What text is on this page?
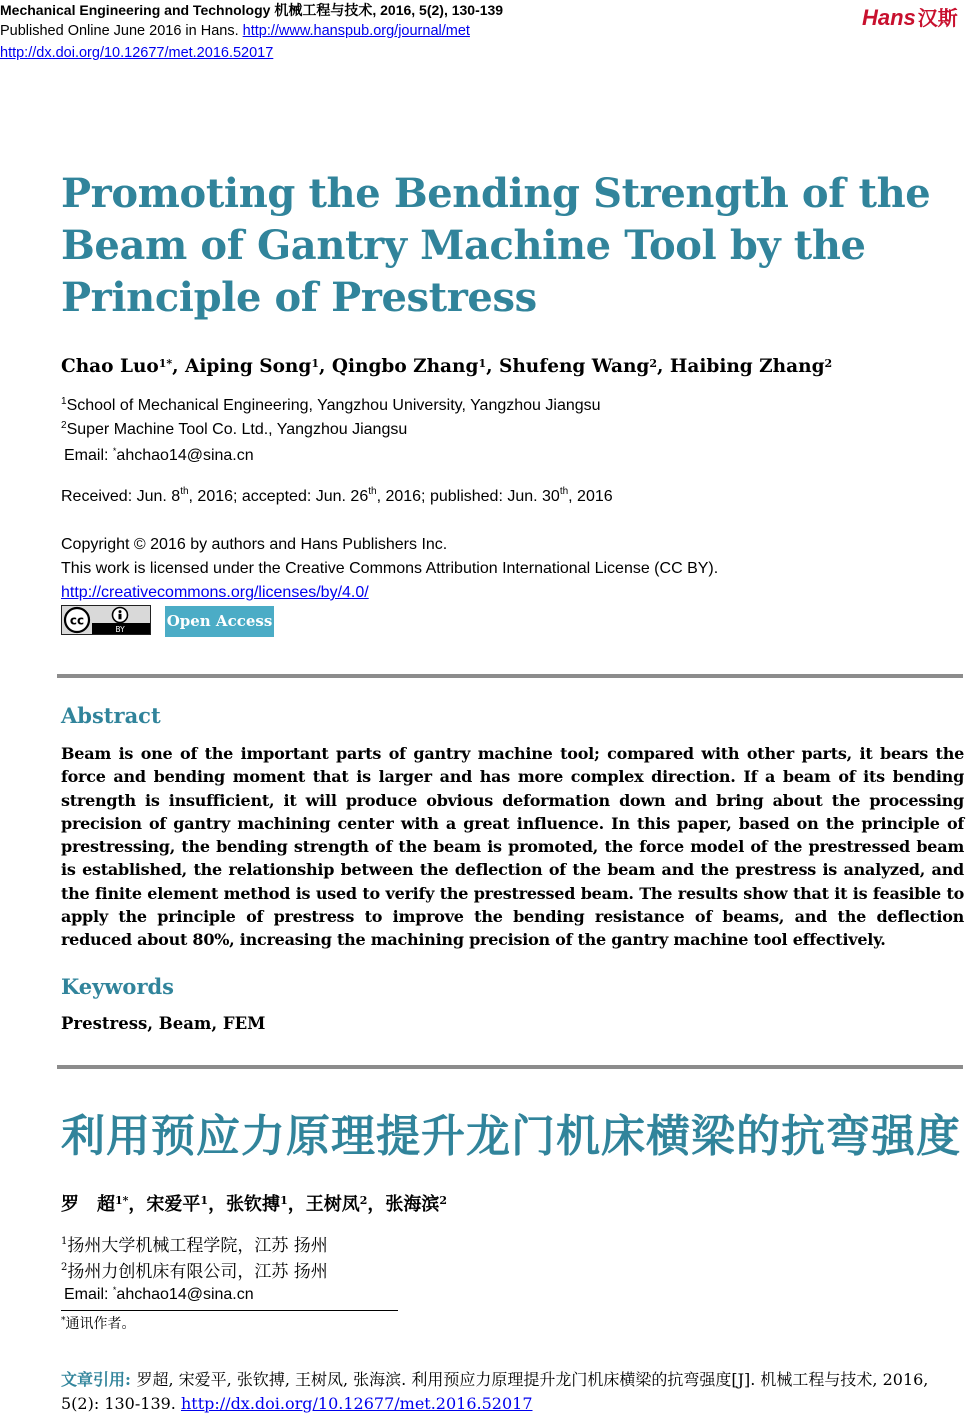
Mechanical Engineering and Technology 机械工程与技术, 2016, 5(2), 130-139
Published Online June 2016 in Hans. http://www.hanspub.org/journal/met
http://dx.doi.org/10.12677/met.2016.52017
Hans 汉斯
Promoting the Bending Strength of the Beam of Gantry Machine Tool by the Principle of Prestress
Chao Luo$^{1*}$, Aiping Song$^1$, Qingbo Zhang$^1$, Shufeng Wang$^2$, Haibing Zhang$^2$
$^1$School of Mechanical Engineering, Yangzhou University, Yangzhou Jiangsu
$^2$Super Machine Tool Co. Ltd., Yangzhou Jiangsu
Email: *ahchao14@sina.cn
Received: Jun. 8th, 2016; accepted: Jun. 26th, 2016; published: Jun. 30th, 2016
Copyright © 2016 by authors and Hans Publishers Inc.
This work is licensed under the Creative Commons Attribution International License (CC BY).
http://creativecommons.org/licenses/by/4.0/
cc
BY	Open Access
Abstract
Beam is one of the important parts of gantry machine tool; compared with other parts, it bears the force and bending moment that is larger and has more complex direction. If a beam of its bending strength is insufficient, it will produce obvious deformation down and bring about the processing precision of gantry machining center with a great influence. In this paper, based on the principle of prestressing, the bending strength of the beam is promoted, the force model of the prestressed beam is established, the relationship between the deflection of the beam and the prestress is analyzed, and the finite element method is used to verify the prestressed beam. The results show that it is feasible to apply the principle of prestress to improve the bending resistance of beams, and the deflection reduced about 80%, increasing the machining precision of the gantry machine tool effectively.
Keywords
Prestress, Beam, FEM
利用预应力原理提升龙门机床横梁的抗弯强度
罗　超$^{1*}$，宋爱平$^1$，张钦搏$^1$，王树凤$^2$，张海滨$^2$
$^1$扬州大学机械工程学院，江苏 扬州
$^2$扬州力创机床有限公司，江苏 扬州
Email: *ahchao14@sina.cn
*通讯作者。
文章引用: 罗超, 宋爱平, 张钦搏, 王树凤, 张海滨. 利用预应力原理提升龙门机床横梁的抗弯强度[J]. 机械工程与技术, 2016, 5(2): 130-139. http://dx.doi.org/10.12677/met.2016.52017
